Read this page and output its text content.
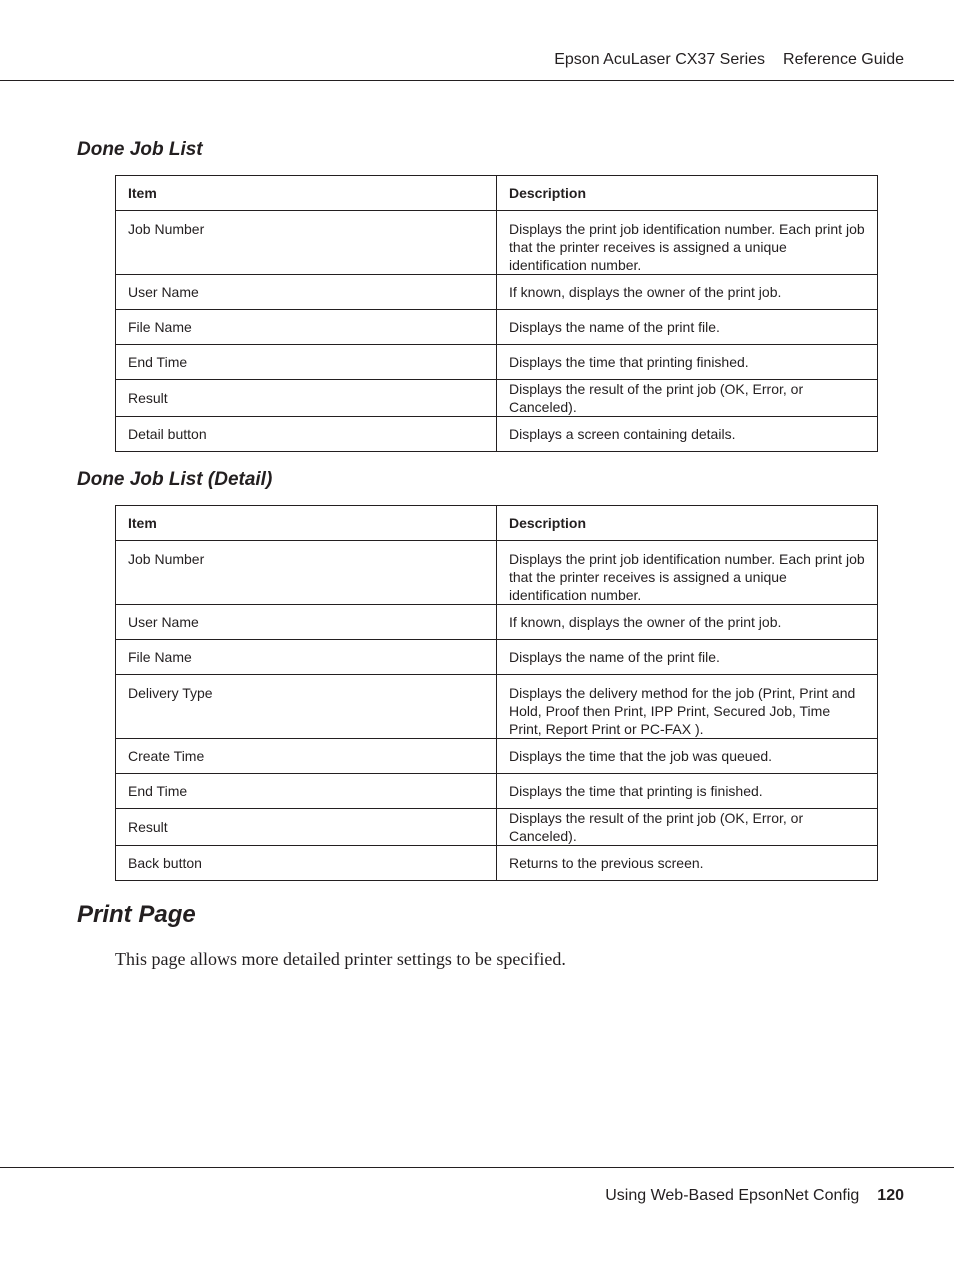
Epson AcuLaser CX37 Series Reference Guide
Done Job List
Item	Description
Job Number	Displays the print job identification number. Each print job that the printer receives is assigned a unique identification number.
User Name	If known, displays the owner of the print job.
File Name	Displays the name of the print file.
End Time	Displays the time that printing finished.
Result	Displays the result of the print job (OK, Error, or Canceled).
Detail button	Displays a screen containing details.
Done Job List (Detail)
Item	Description
Job Number	Displays the print job identification number. Each print job that the printer receives is assigned a unique identification number.
User Name	If known, displays the owner of the print job.
File Name	Displays the name of the print file.
Delivery Type	Displays the delivery method for the job (Print, Print and Hold, Proof then Print, IPP Print, Secured Job, Time Print, Report Print or PC-FAX ).
Create Time	Displays the time that the job was queued.
End Time	Displays the time that printing is finished.
Result	Displays the result of the print job (OK, Error, or Canceled).
Back button	Returns to the previous screen.
Print Page

This page allows more detailed printer settings to be specified.

Using Web-Based EpsonNet Config 120
